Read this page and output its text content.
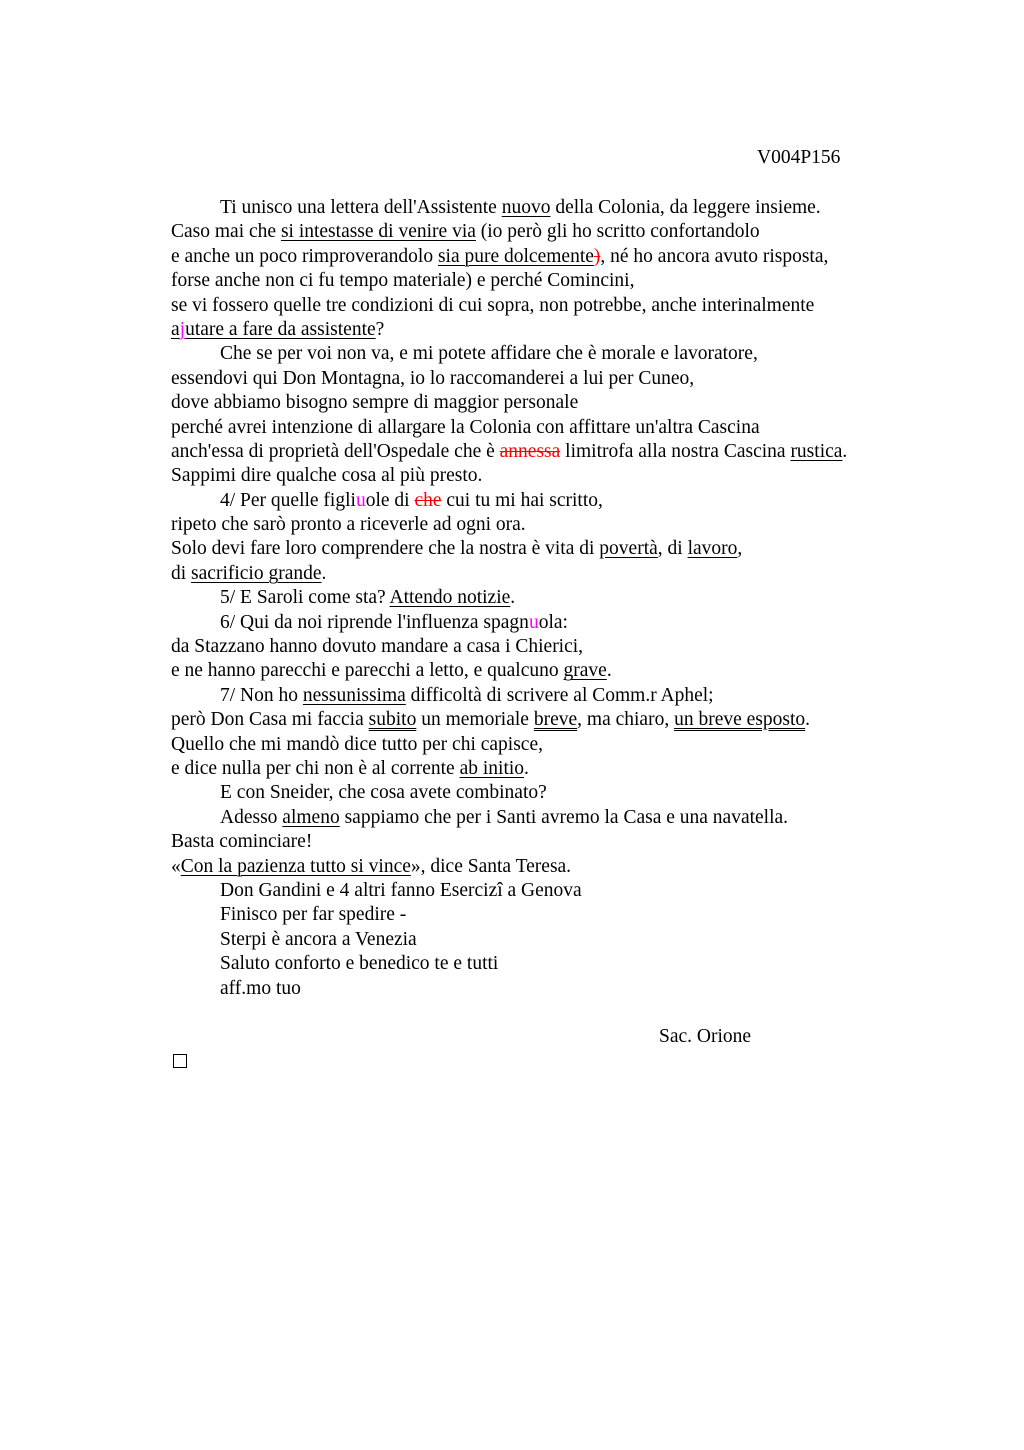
V004P156
Ti unisco una lettera dell'Assistente nuovo della Colonia, da leggere insieme.
Caso mai che si intestasse di venire via (io però gli ho scritto confortandolo
e anche un poco rimproverandolo sia pure dolcemente), né ho ancora avuto risposta,
forse anche non ci fu tempo materiale) e perché Comincini,
se vi fossero quelle tre condizioni di cui sopra, non potrebbe, anche interinalmente
ajutare a fare da assistente?
Che se per voi non va, e mi potete affidare che è morale e lavoratore,
essendovi qui Don Montagna, io lo raccomanderei a lui per Cuneo,
dove abbiamo bisogno sempre di maggior personale
perché avrei intenzione di allargare la Colonia con affittare un'altra Cascina
anch'essa di proprietà dell'Ospedale che è annessa limitrofa alla nostra Cascina rustica.
Sappimi dire qualche cosa al più presto.
4/ Per quelle figliuole di che cui tu mi hai scritto,
ripeto che sarò pronto a riceverle ad ogni ora.
Solo devi fare loro comprendere che la nostra è vita di povertà, di lavoro,
di sacrificio grande.
5/ E Saroli come sta? Attendo notizie.
6/ Qui da noi riprende l'influenza spagnuola:
da Stazzano hanno dovuto mandare a casa i Chierici,
e ne hanno parecchi e parecchi a letto, e qualcuno grave.
7/ Non ho nessunissima difficoltà di scrivere al Comm.r Aphel;
però Don Casa mi faccia subito un memoriale breve, ma chiaro, un breve esposto.
Quello che mi mandò dice tutto per chi capisce,
e dice nulla per chi non è al corrente ab initio.
E con Sneider, che cosa avete combinato?
Adesso almeno sappiamo che per i Santi avremo la Casa e una navatella.
Basta cominciare!
«Con la pazienza tutto si vince», dice Santa Teresa.
Don Gandini e 4 altri fanno Esercizi a Genova
Finisco per far spedire -
Sterpi è ancora a Venezia
Saluto conforto e benedico te e tutti
aff.mo tuo
Sac. Orione
